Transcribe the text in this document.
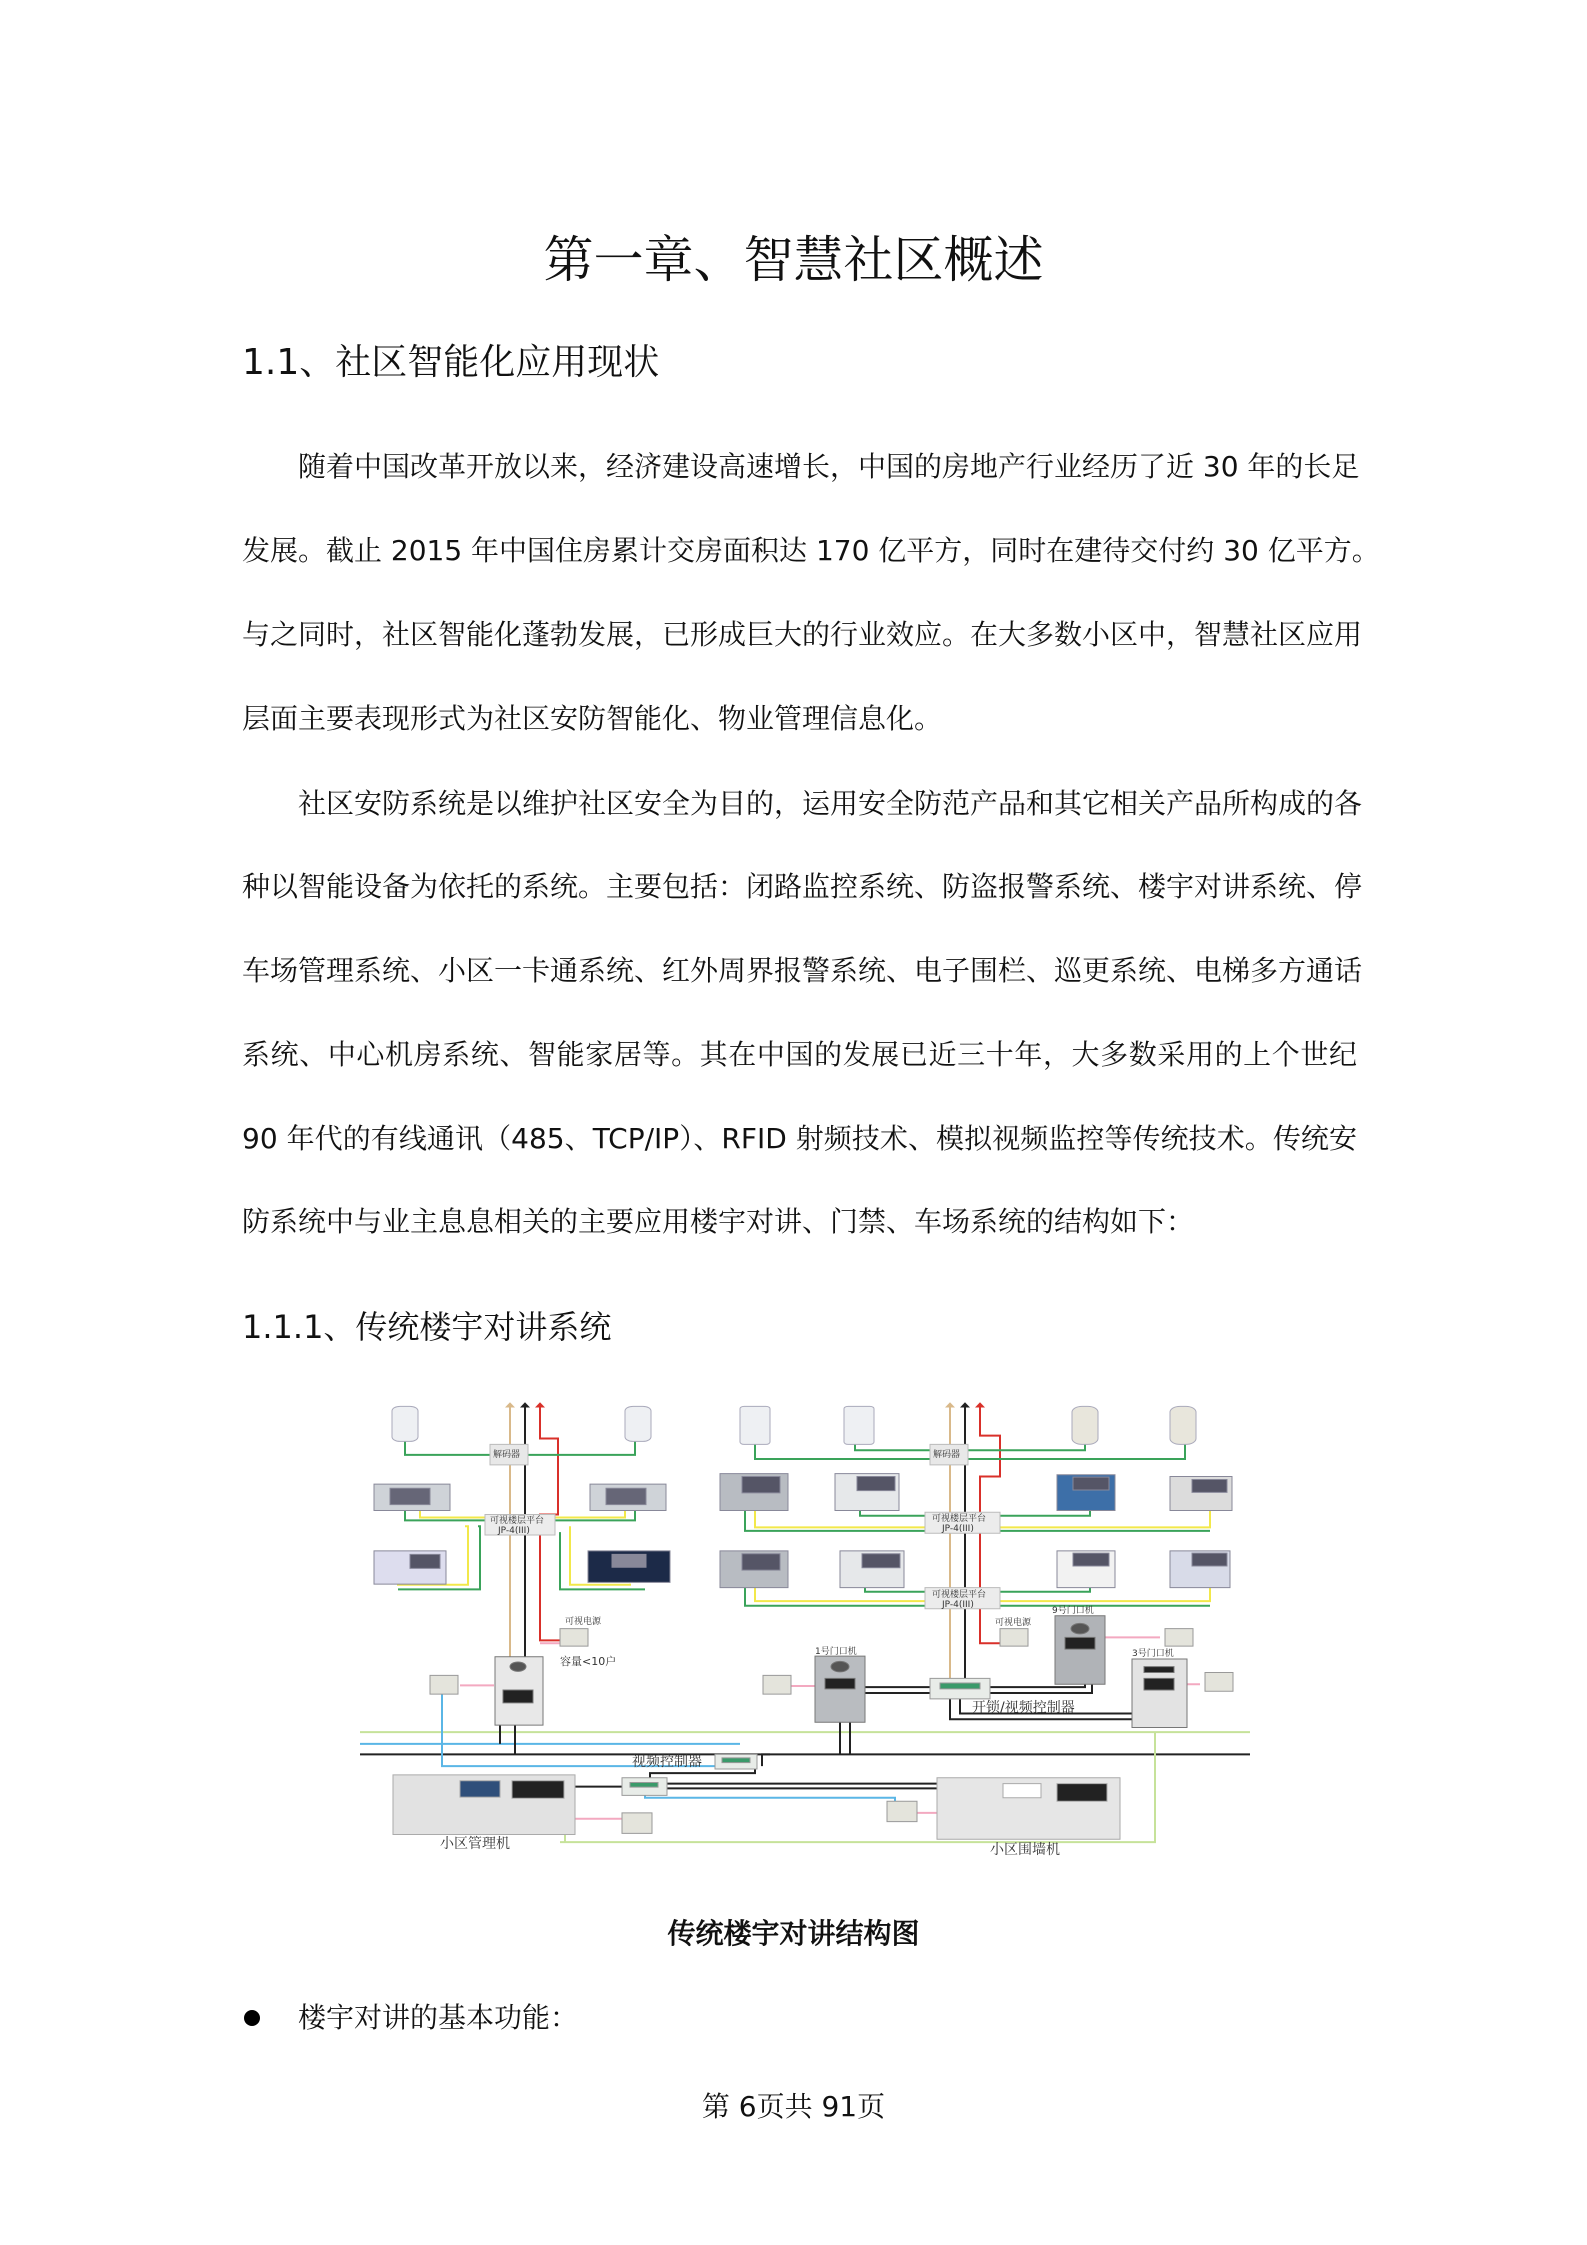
第一章、智慧社区概述
1.1、社区智能化应用现状
随着中国改革开放以来，经济建设高速增长，中国的房地产行业经历了近 30 年的长足
发展。截止 2015 年中国住房累计交房面积达 170 亿平方，同时在建待交付约 30 亿平方。
与之同时，社区智能化蓬勃发展，已形成巨大的行业效应。在大多数小区中，智慧社区应用
层面主要表现形式为社区安防智能化、物业管理信息化。
社区安防系统是以维护社区安全为目的，运用安全防范产品和其它相关产品所构成的各
种以智能设备为依托的系统。主要包括：闭路监控系统、防盗报警系统、楼宇对讲系统、停
车场管理系统、小区一卡通系统、红外周界报警系统、电子围栏、巡更系统、电梯多方通话
系统、中心机房系统、智能家居等。其在中国的发展已近三十年，大多数采用的上个世纪
90 年代的有线通讯（485、TCP/IP）、RFID 射频技术、模拟视频监控等传统技术。传统安
防系统中与业主息息相关的主要应用楼宇对讲、门禁、车场系统的结构如下：
1.1.1、传统楼宇对讲系统
解码器	解码器
可视楼层平台
JP-4(III)
可视楼层平台
JP-4(III)
可视楼层平台
JP-4(III)
可视电源	可视电源
容量<10户
1号门口机
9号门口机
3号门口机
开锁/视频控制器
视频控制器
小区管理机	小区围墙机
传统楼宇对讲结构图
楼宇对讲的基本功能：
第 6页共 91页
